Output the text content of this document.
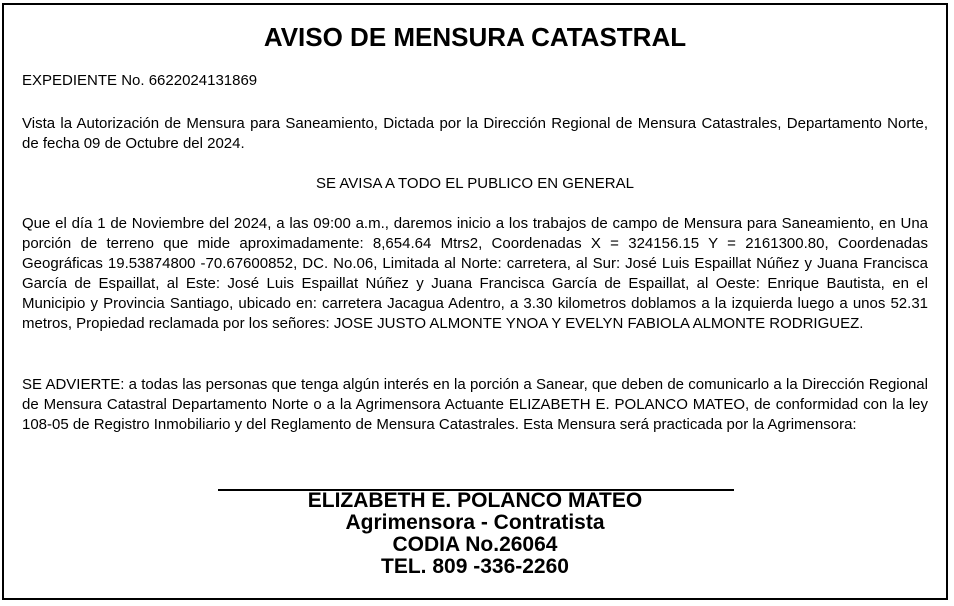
AVISO DE MENSURA CATASTRAL

EXPEDIENTE No. 6622024131869

Vista la Autorización de Mensura para Saneamiento, Dictada por la Dirección Regional de Mensura Catastrales, Departamento Norte, de fecha 09 de Octubre del 2024.

SE AVISA A TODO EL PUBLICO EN GENERAL

Que el día 1 de Noviembre del 2024, a las 09:00 a.m., daremos inicio a los trabajos de campo de Mensura para Saneamiento, en Una porción de terreno que mide aproximadamente: 8,654.64 Mtrs2, Coordenadas X = 324156.15 Y = 2161300.80, Coordenadas Geográficas 19.53874800 -70.67600852, DC. No.06, Limitada al Norte: carretera, al Sur: José Luis Espaillat Núñez y Juana Francisca García de Espaillat, al Este: José Luis Espaillat Núñez y Juana Francisca García de Espaillat, al Oeste: Enrique Bautista, en el Municipio y Provincia Santiago, ubicado en: carretera Jacagua Adentro, a 3.30 kilometros doblamos a la izquierda luego a unos 52.31 metros, Propiedad reclamada por los señores: JOSE JUSTO ALMONTE YNOA Y EVELYN FABIOLA ALMONTE RODRIGUEZ.

SE ADVIERTE: a todas las personas que tenga algún interés en la porción a Sanear, que deben de comunicarlo a la Dirección Regional de Mensura Catastral Departamento Norte o a la Agrimensora Actuante ELIZABETH E. POLANCO MATEO, de conformidad con la ley 108-05 de Registro Inmobiliario y del Reglamento de Mensura Catastrales. Esta Mensura será practicada por la Agrimensora:

ELIZABETH E. POLANCO MATEO

Agrimensora - Contratista

CODIA No.26064

TEL. 809 -336-2260
